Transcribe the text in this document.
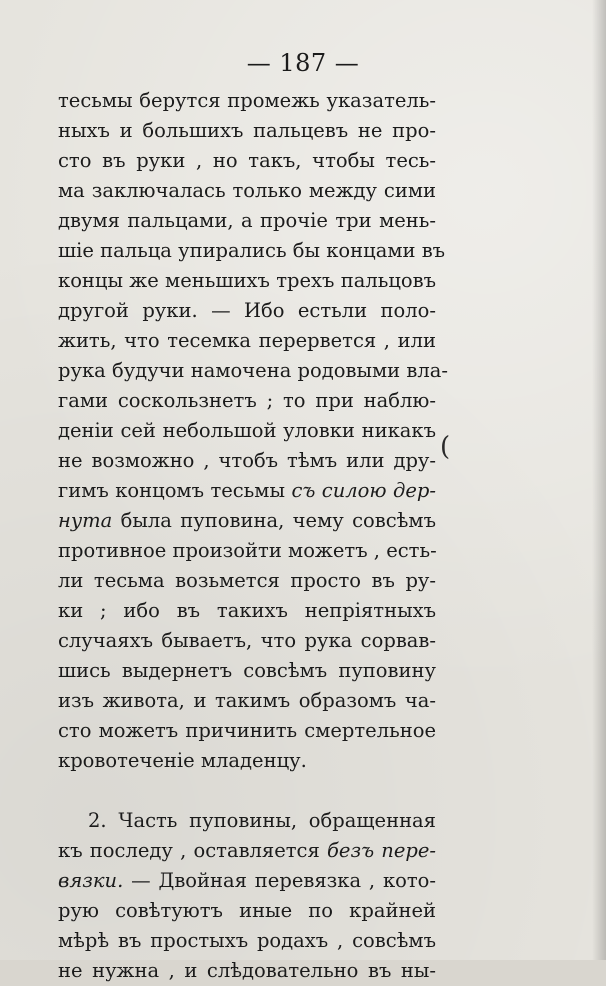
— 187 —
тесьмы берутся промежь указатель-
ныхъ и большихъ пальцевъ не про-
сто въ руки , но такъ, чтобы тесь-
ма заключалась только между сими
двумя пальцами, а прочіе три мень-
шіе пальца упирались бы концами въ
концы же меньшихъ трехъ пальцовъ
другой руки. — Ибо естьли поло-
жить, что тесемка перервется , или
рука будучи намочена родовыми вла-
гами соскользнетъ ; то при наблю-
деніи сей небольшой уловки никакъ
не возможно , чтобъ тѣмъ или дру-
гимъ концомъ тесьмы съ силою дер-
нута была пуповина, чему совсѣмъ
противное произойти можетъ , есть-
ли тесьма возьмется просто въ ру-
ки ; ибо въ такихъ непріятныхъ
случаяхъ бываетъ, что рука сорвав-
шись выдернетъ совсѣмъ пуповину
изъ живота, и такимъ образомъ ча-
сто можетъ причинить смертельное
кровотеченіе младенцу.
2. Часть пуповины, обращенная
къ последу , оставляется безъ пере-
вязки. — Двойная перевязка , кото-
рую совѣтуютъ иные по крайней
мѣрѣ въ простыхъ родахъ , совсѣмъ
не нужна , и слѣдовательно въ ны-
(
